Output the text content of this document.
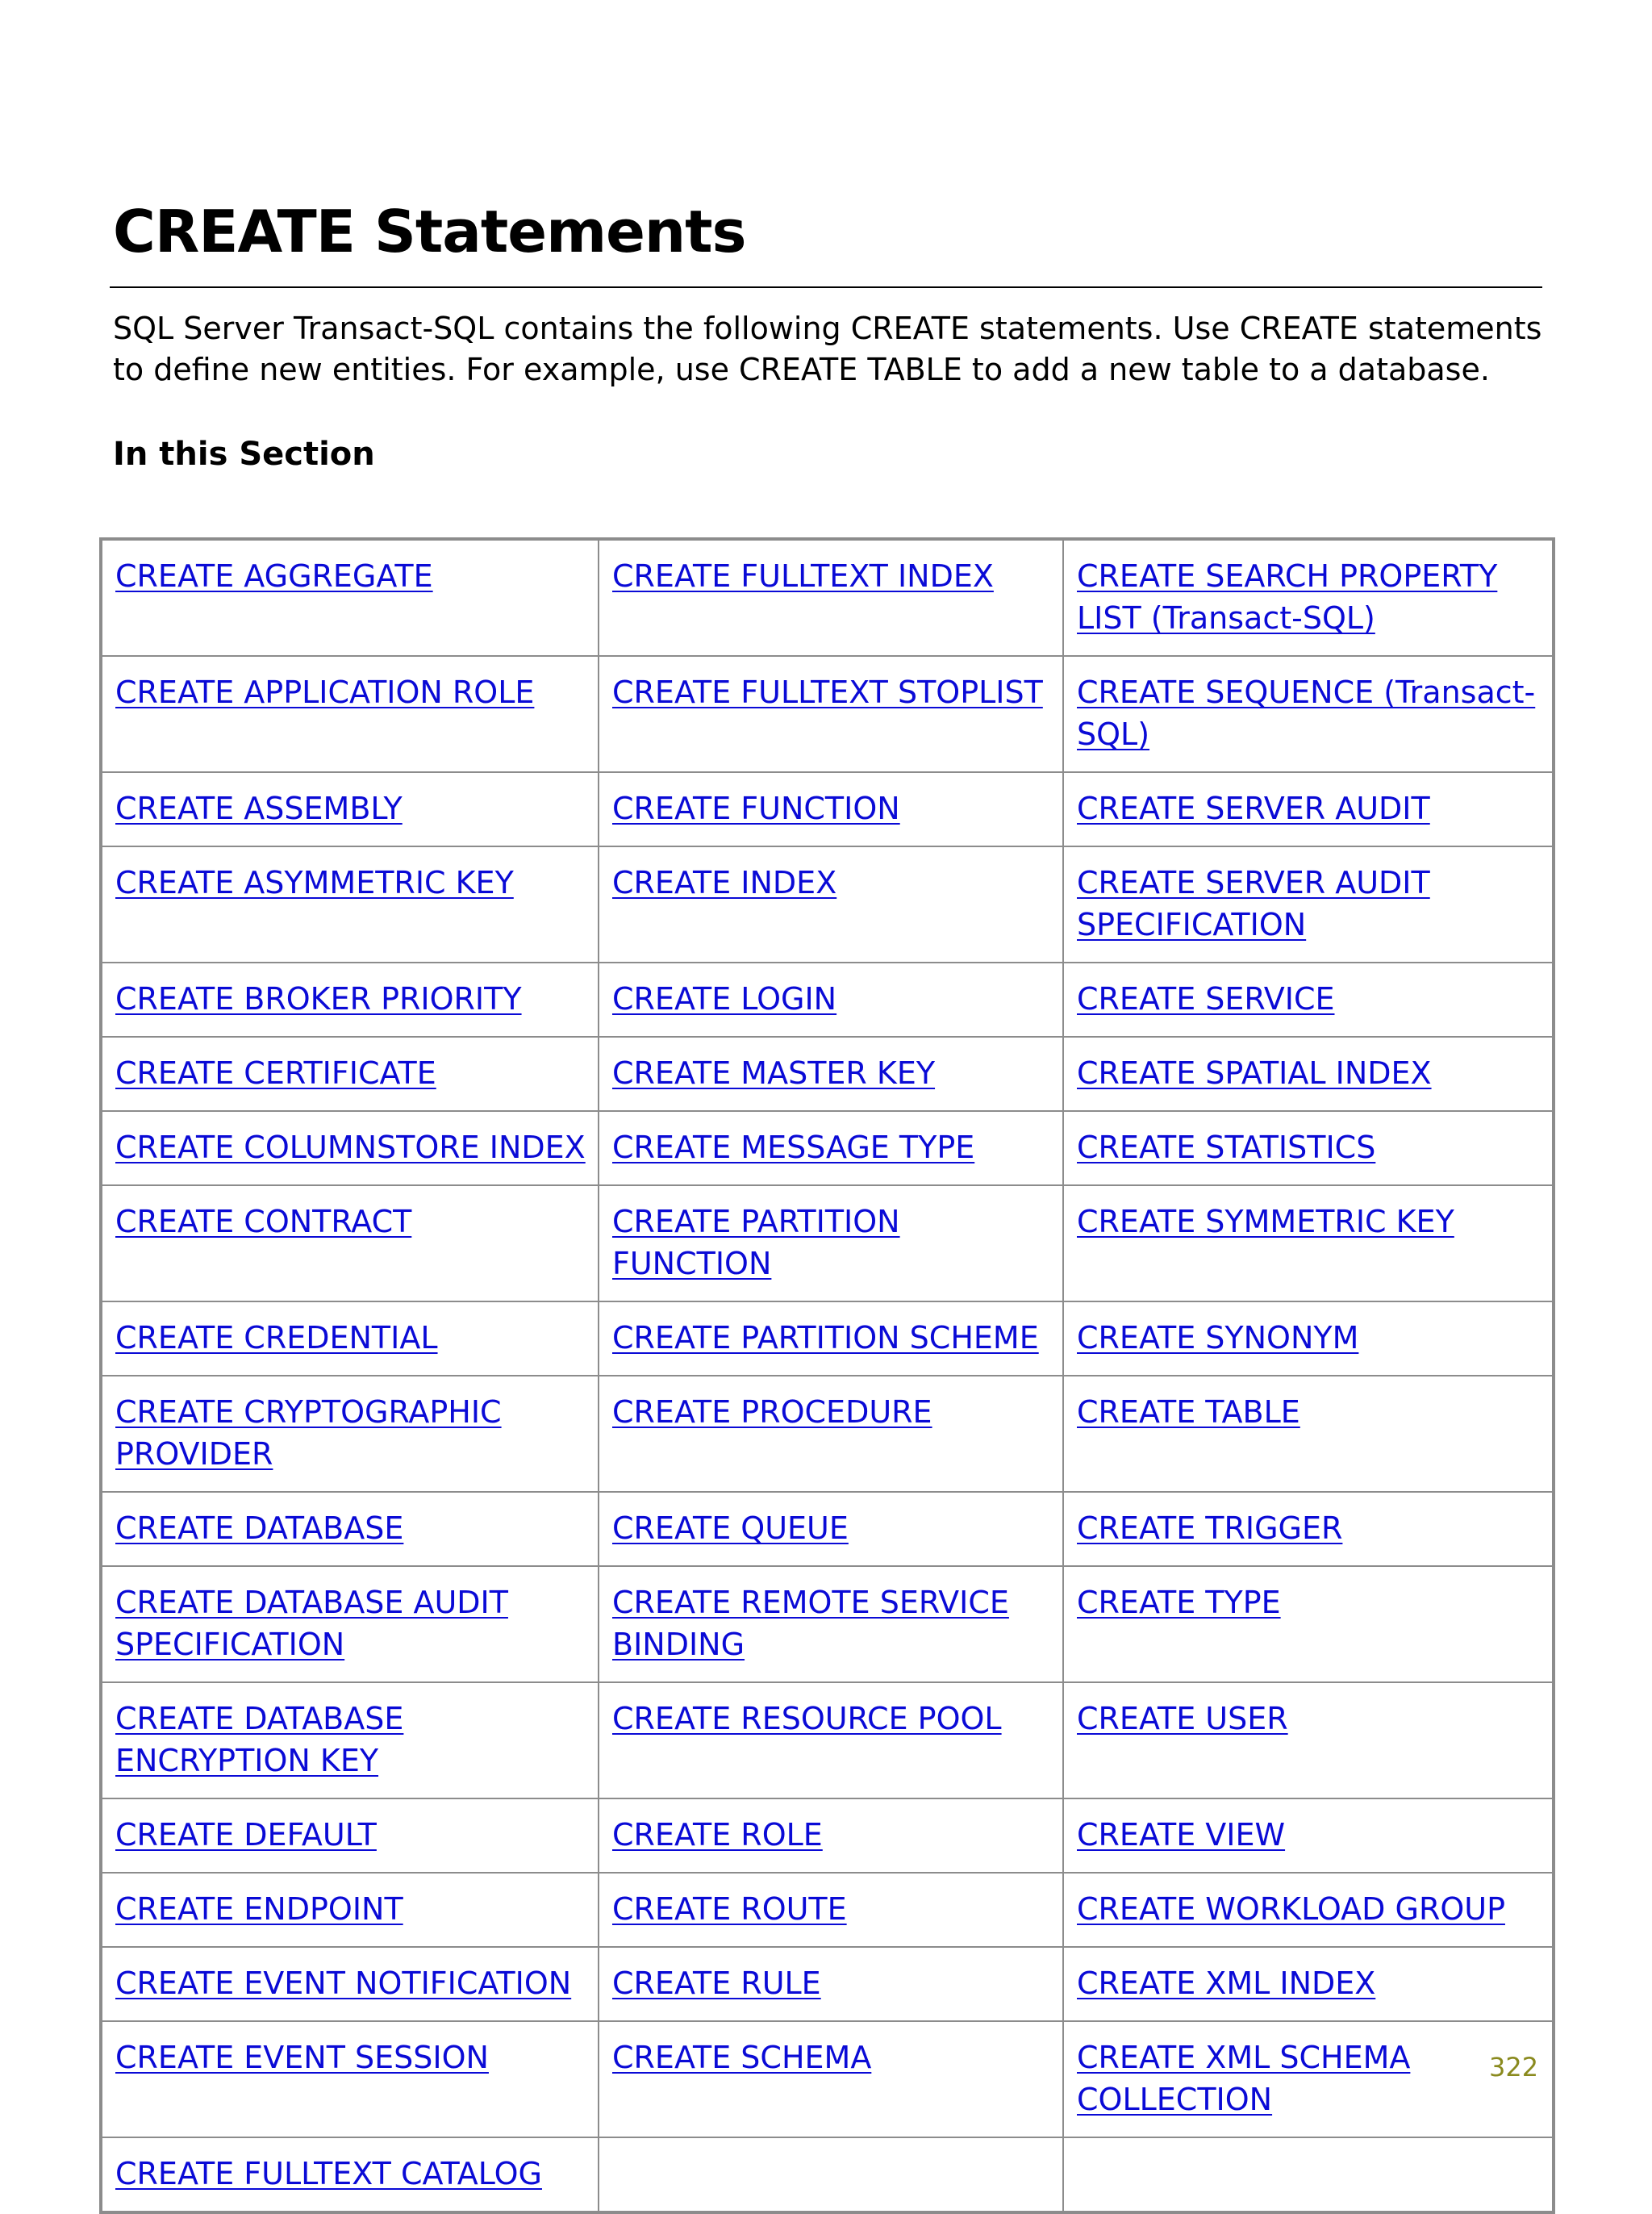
CREATE Statements

SQL Server Transact-SQL contains the following CREATE statements. Use CREATE statements to define new entities. For example, use CREATE TABLE to add a new table to a database.

In this Section
CREATE AGGREGATE	CREATE FULLTEXT INDEX	CREATE SEARCH PROPERTY LIST (Transact-SQL)
CREATE APPLICATION ROLE	CREATE FULLTEXT STOPLIST	CREATE SEQUENCE (Transact-SQL)
CREATE ASSEMBLY	CREATE FUNCTION	CREATE SERVER AUDIT
CREATE ASYMMETRIC KEY	CREATE INDEX	CREATE SERVER AUDIT SPECIFICATION
CREATE BROKER PRIORITY	CREATE LOGIN	CREATE SERVICE
CREATE CERTIFICATE	CREATE MASTER KEY	CREATE SPATIAL INDEX
CREATE COLUMNSTORE INDEX	CREATE MESSAGE TYPE	CREATE STATISTICS
CREATE CONTRACT	CREATE PARTITION FUNCTION	CREATE SYMMETRIC KEY
CREATE CREDENTIAL	CREATE PARTITION SCHEME	CREATE SYNONYM
CREATE CRYPTOGRAPHIC PROVIDER	CREATE PROCEDURE	CREATE TABLE
CREATE DATABASE	CREATE QUEUE	CREATE TRIGGER
CREATE DATABASE AUDIT SPECIFICATION	CREATE REMOTE SERVICE BINDING	CREATE TYPE
CREATE DATABASE ENCRYPTION KEY	CREATE RESOURCE POOL	CREATE USER
CREATE DEFAULT	CREATE ROLE	CREATE VIEW
CREATE ENDPOINT	CREATE ROUTE	CREATE WORKLOAD GROUP
CREATE EVENT NOTIFICATION	CREATE RULE	CREATE XML INDEX
CREATE EVENT SESSION	CREATE SCHEMA	CREATE XML SCHEMA COLLECTION
CREATE FULLTEXT CATALOG		
322
